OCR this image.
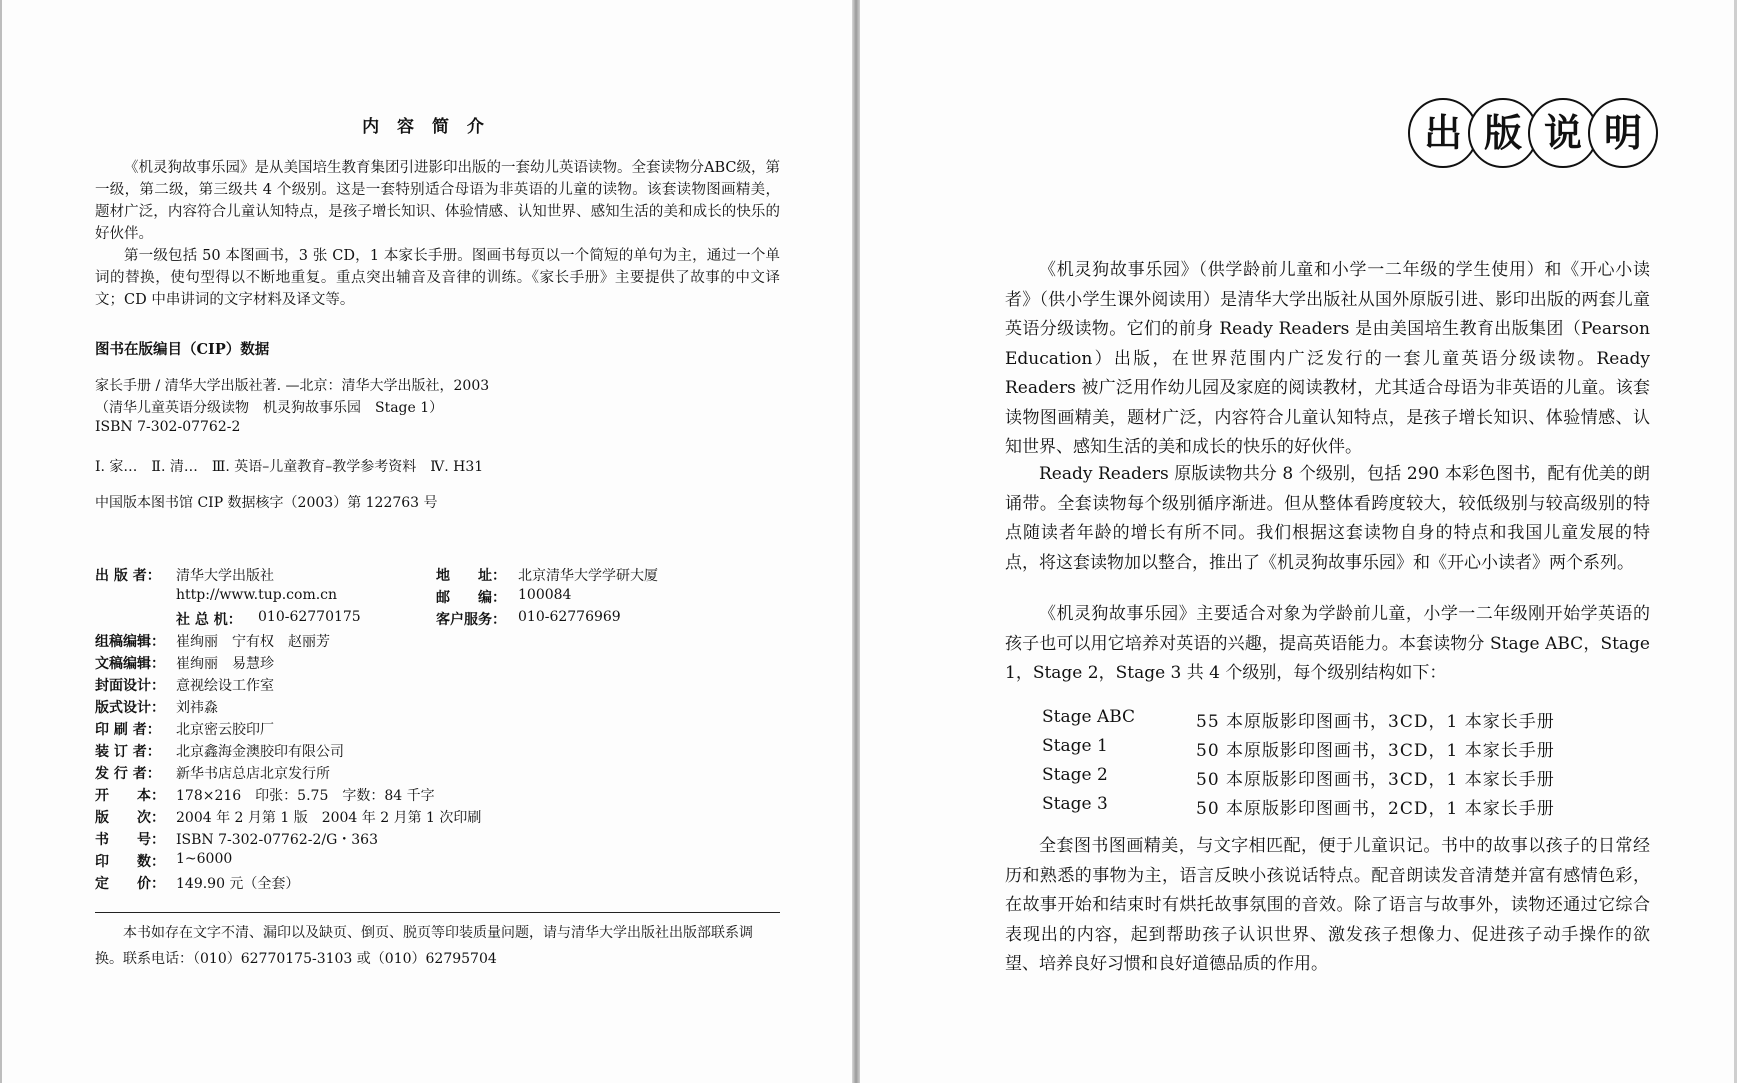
内 容 简 介
《机灵狗故事乐园》是从美国培生教育集团引进影印出版的一套幼儿英语读物。全套读物分ABC级，第一级，第二级，第三级共 4 个级别。这是一套特别适合母语为非英语的儿童的读物。该套读物图画精美，题材广泛，内容符合儿童认知特点，是孩子增长知识、体验情感、认知世界、感知生活的美和成长的快乐的好伙伴。
第一级包括 50 本图画书，3 张 CD，1 本家长手册。图画书每页以一个简短的单句为主，通过一个单词的替换，使句型得以不断地重复。重点突出辅音及音律的训练。《家长手册》主要提供了故事的中文译文；CD 中串讲词的文字材料及译文等。
图书在版编目（CIP）数据
家长手册 / 清华大学出版社著. —北京：清华大学出版社，2003
（清华儿童英语分级读物　机灵狗故事乐园　Stage 1）
ISBN 7-302-07762-2
Ⅰ. 家…　Ⅱ. 清…　Ⅲ. 英语–儿童教育–教学参考资料　Ⅳ. H31
中国版本图书馆 CIP 数据核字（2003）第 122763 号
出 版 者：	清华大学出版社
http://www.tup.com.cn
社 总 机：	010-62770175
地　　址： 北京清华大学学研大厦
邮　　编： 100084
客户服务： 010-62776969
组稿编辑： 崔绚丽　宁有权　赵丽芳
文稿编辑： 崔绚丽　易慧珍
封面设计： 意视绘设工作室
版式设计： 刘祎淼
印 刷 者：	北京密云胶印厂
装 订 者：	北京鑫海金澳胶印有限公司
发 行 者：	新华书店总店北京发行所
开　　本： 178×216　印张：5.75　字数：84 千字
版　　次： 2004 年 2 月第 1 版　2004 年 2 月第 1 次印刷
书　　号： ISBN 7-302-07762-2/G・363
印　　数： 1~6000
定　　价： 149.90 元（全套）
本书如存在文字不清、漏印以及缺页、倒页、脱页等印装质量问题，请与清华大学出版社出版部联系调换。联系电话：（010）62770175-3103 或（010）62795704
出 版 说 明
《机灵狗故事乐园》（供学龄前儿童和小学一二年级的学生使用）和《开心小读者》（供小学生课外阅读用）是清华大学出版社从国外原版引进、影印出版的两套儿童英语分级读物。它们的前身 Ready Readers 是由美国培生教育出版集团（Pearson Education）出版，在世界范围内广泛发行的一套儿童英语分级读物。Ready Readers 被广泛用作幼儿园及家庭的阅读教材，尤其适合母语为非英语的儿童。该套读物图画精美，题材广泛，内容符合儿童认知特点，是孩子增长知识、体验情感、认知世界、感知生活的美和成长的快乐的好伙伴。
Ready Readers 原版读物共分 8 个级别，包括 290 本彩色图书，配有优美的朗诵带。全套读物每个级别循序渐进。但从整体看跨度较大，较低级别与较高级别的特点随读者年龄的增长有所不同。我们根据这套读物自身的特点和我国儿童发展的特点，将这套读物加以整合，推出了《机灵狗故事乐园》和《开心小读者》两个系列。
《机灵狗故事乐园》主要适合对象为学龄前儿童，小学一二年级刚开始学英语的孩子也可以用它培养对英语的兴趣，提高英语能力。本套读物分 Stage ABC，Stage 1，Stage 2，Stage 3 共 4 个级别，每个级别结构如下：
Stage ABC	55 本原版影印图画书，3CD，1 本家长手册
Stage 1	50 本原版影印图画书，3CD，1 本家长手册
Stage 2	50 本原版影印图画书，3CD，1 本家长手册
Stage 3	50 本原版影印图画书，2CD，1 本家长手册
全套图书图画精美，与文字相匹配，便于儿童识记。书中的故事以孩子的日常经历和熟悉的事物为主，语言反映小孩说话特点。配音朗读发音清楚并富有感情色彩，在故事开始和结束时有烘托故事氛围的音效。除了语言与故事外，读物还通过它综合表现出的内容，起到帮助孩子认识世界、激发孩子想像力、促进孩子动手操作的欲望、培养良好习惯和良好道德品质的作用。
